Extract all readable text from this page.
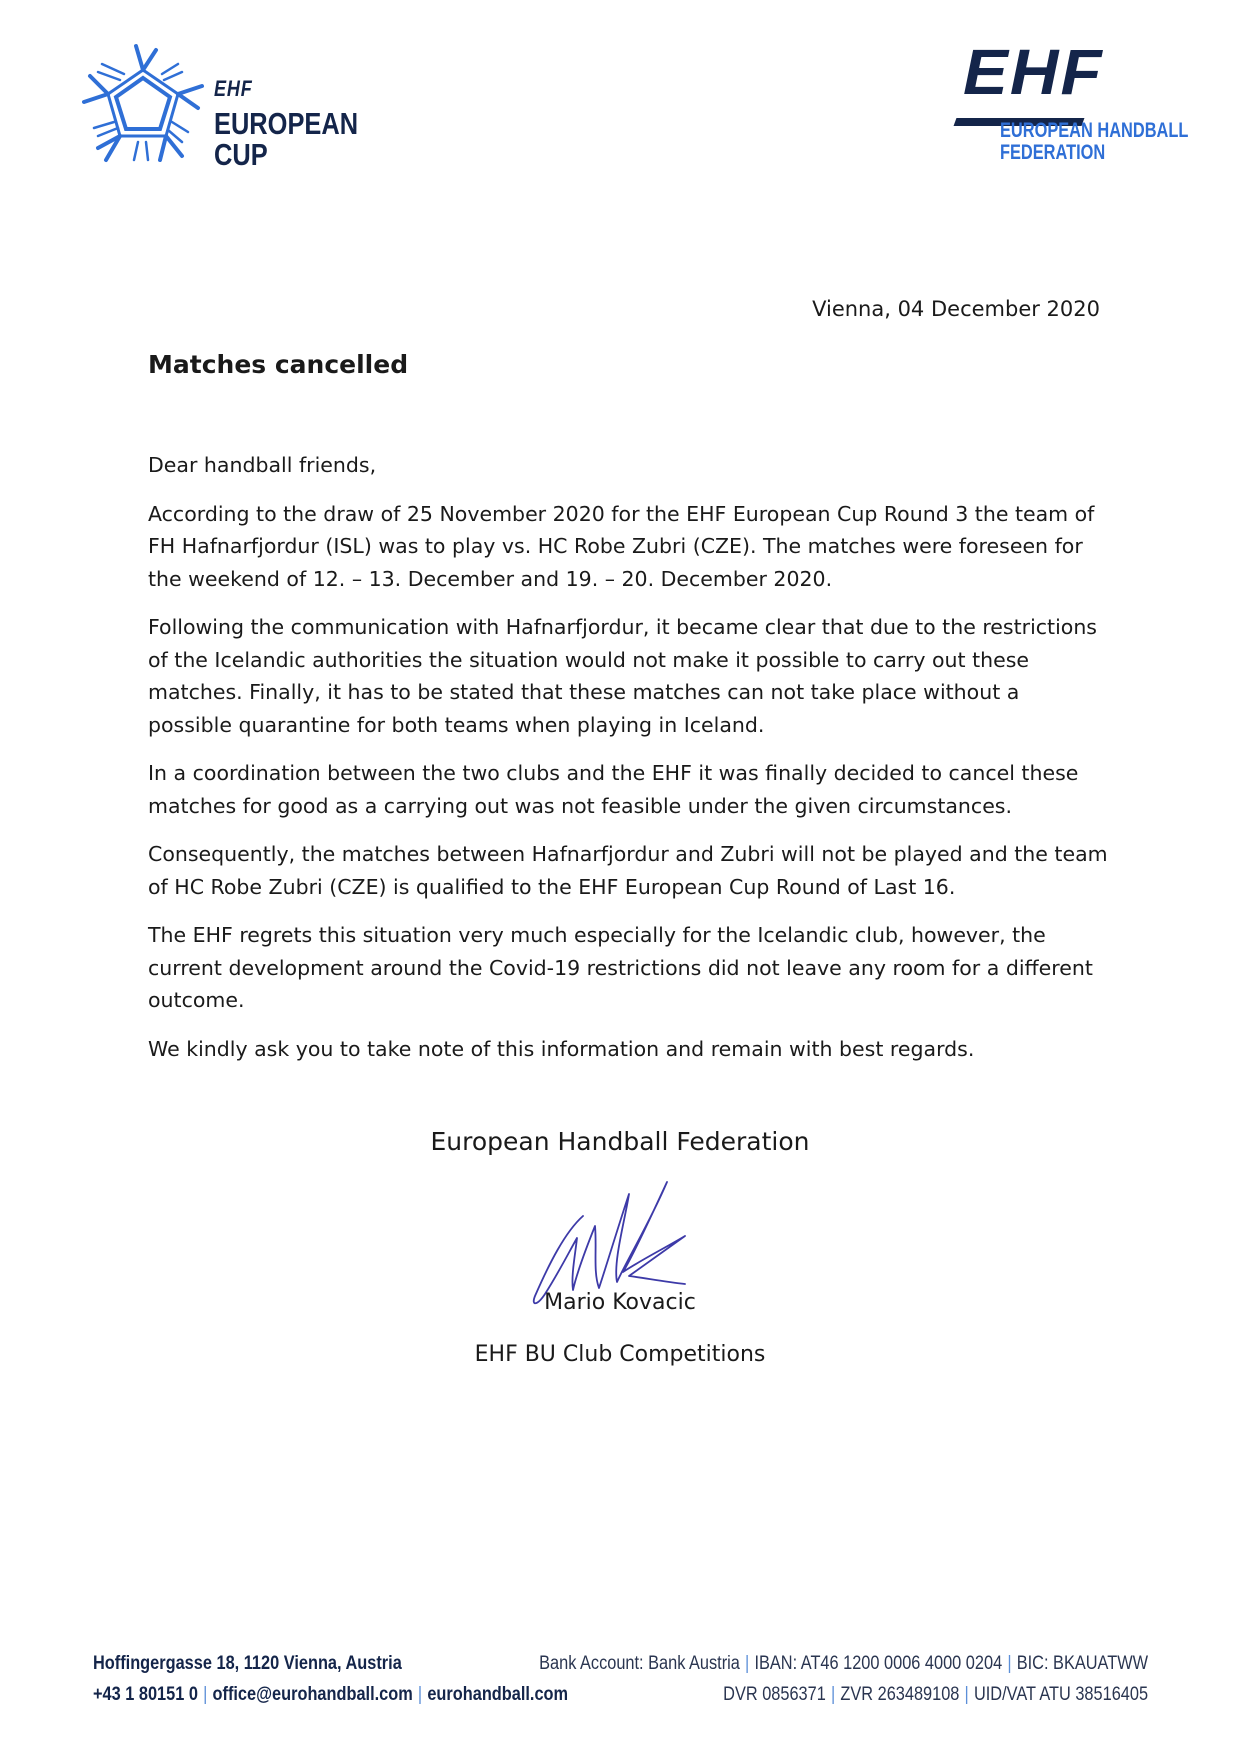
EHF
EUROPEAN
CUP
EHF
EUROPEAN HANDBALL
FEDERATION
Vienna, 04 December 2020
Matches cancelled

Dear handball friends,

According to the draw of 25 November 2020 for the EHF European Cup Round 3 the team of FH Hafnarfjordur (ISL) was to play vs. HC Robe Zubri (CZE). The matches were foreseen for the weekend of 12. – 13. December and 19. – 20. December 2020.

Following the communication with Hafnarfjordur, it became clear that due to the restrictions of the Icelandic authorities the situation would not make it possible to carry out these matches. Finally, it has to be stated that these matches can not take place without a possible quarantine for both teams when playing in Iceland.

In a coordination between the two clubs and the EHF it was finally decided to cancel these matches for good as a carrying out was not feasible under the given circumstances.

Consequently, the matches between Hafnarfjordur and Zubri will not be played and the team of HC Robe Zubri (CZE) is qualified to the EHF European Cup Round of Last 16.

The EHF regrets this situation very much especially for the Icelandic club, however, the current development around the Covid-19 restrictions did not leave any room for a different outcome.

We kindly ask you to take note of this information and remain with best regards.

European Handball Federation
Mario Kovacic
EHF BU Club Competitions
Hoffingergasse 18, 1120 Vienna, Austria
+43 1 80151 0 | office@eurohandball.com | eurohandball.com
Bank Account: Bank Austria | IBAN: AT46 1200 0006 4000 0204 | BIC: BKAUATWW
DVR 0856371 | ZVR 263489108 | UID/VAT ATU 38516405
